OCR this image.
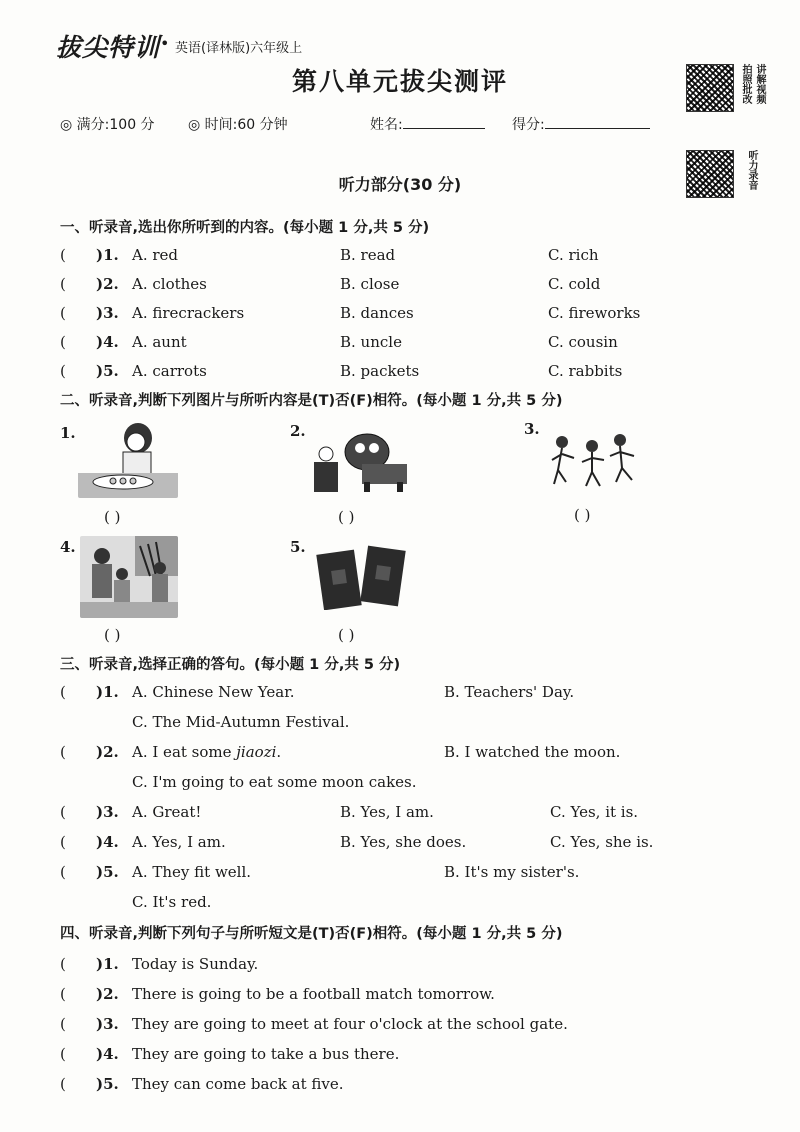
拔尖特训 • 英语(译林版)六年级上
第八单元拔尖测评
◎ 满分:100 分 ◎ 时间:60 分钟	姓名:	得分:
拍照批改 讲解视频
听力录音
听力部分(30 分)
一、听录音,选出你所听到的内容。(每小题 1 分,共 5 分)
( )1. A. red	B. read	C. rich
( )2. A. clothes	B. close	C. cold
( )3. A. firecrackers	B. dances	C. fireworks
( )4. A. aunt	B. uncle	C. cousin
( )5. A. carrots	B. packets	C. rabbits
二、听录音,判断下列图片与所听内容是(T)否(F)相符。(每小题 1 分,共 5 分)
1.
( )
2.
( )
3.
( )
4.
( )
5.
( )
三、听录音,选择正确的答句。(每小题 1 分,共 5 分)
( )1. A. Chinese New Year.	B. Teachers' Day.
C. The Mid-Autumn Festival.
( )2. A. I eat some jiaozi.	B. I watched the moon.
C. I'm going to eat some moon cakes.
( )3. A. Great!	B. Yes, I am.	C. Yes, it is.
( )4. A. Yes, I am.	B. Yes, she does.	C. Yes, she is.
( )5. A. They fit well.	B. It's my sister's.
C. It's red.
四、听录音,判断下列句子与所听短文是(T)否(F)相符。(每小题 1 分,共 5 分)
( )1. Today is Sunday.
( )2. There is going to be a football match tomorrow.
( )3. They are going to meet at four o'clock at the school gate.
( )4. They are going to take a bus there.
( )5. They can come back at five.
